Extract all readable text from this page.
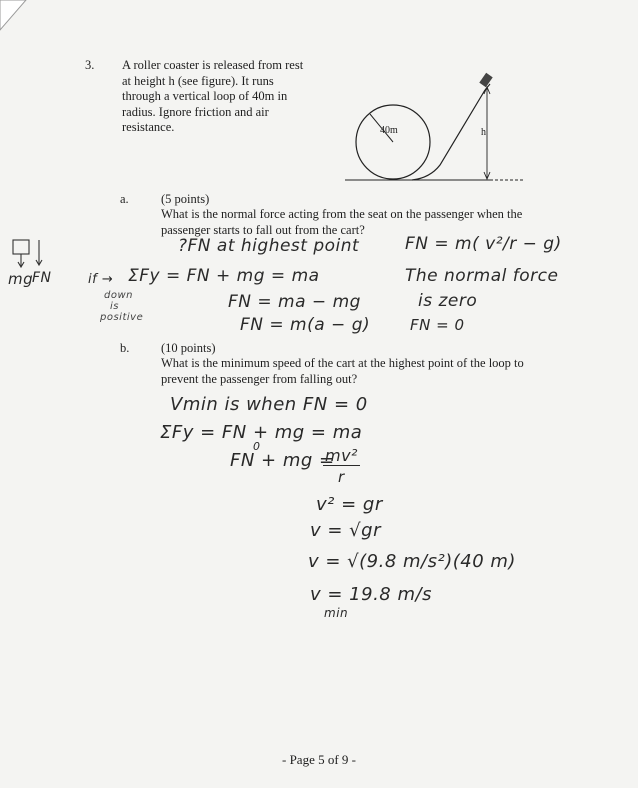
3. A roller coaster is released from rest at height h (see figure). It runs through a vertical loop of 40m in radius. Ignore friction and air resistance.	40m	h
a.	(5 points)
What is the normal force acting from the seat on the passenger when the passenger starts to fall out from the cart?
mg
FN
?FN at highest point	FN = m( v²/r − g)
if → ΣFy = FN + mg = ma	The normal force
down
is
positive
FN = ma − mg	is zero
FN = m(a − g)	FN = 0
b.	(10 points)
What is the minimum speed of the cart at the highest point of the loop to prevent the passenger from falling out?
Vmin is when FN = 0
ΣFy = FN + mg = ma
FN + mg =
0	mv²
r
v² = gr
v = √gr
v = √(9.8 m/s²)(40 m)
v = 19.8 m/s
min
- Page 5 of 9 -
